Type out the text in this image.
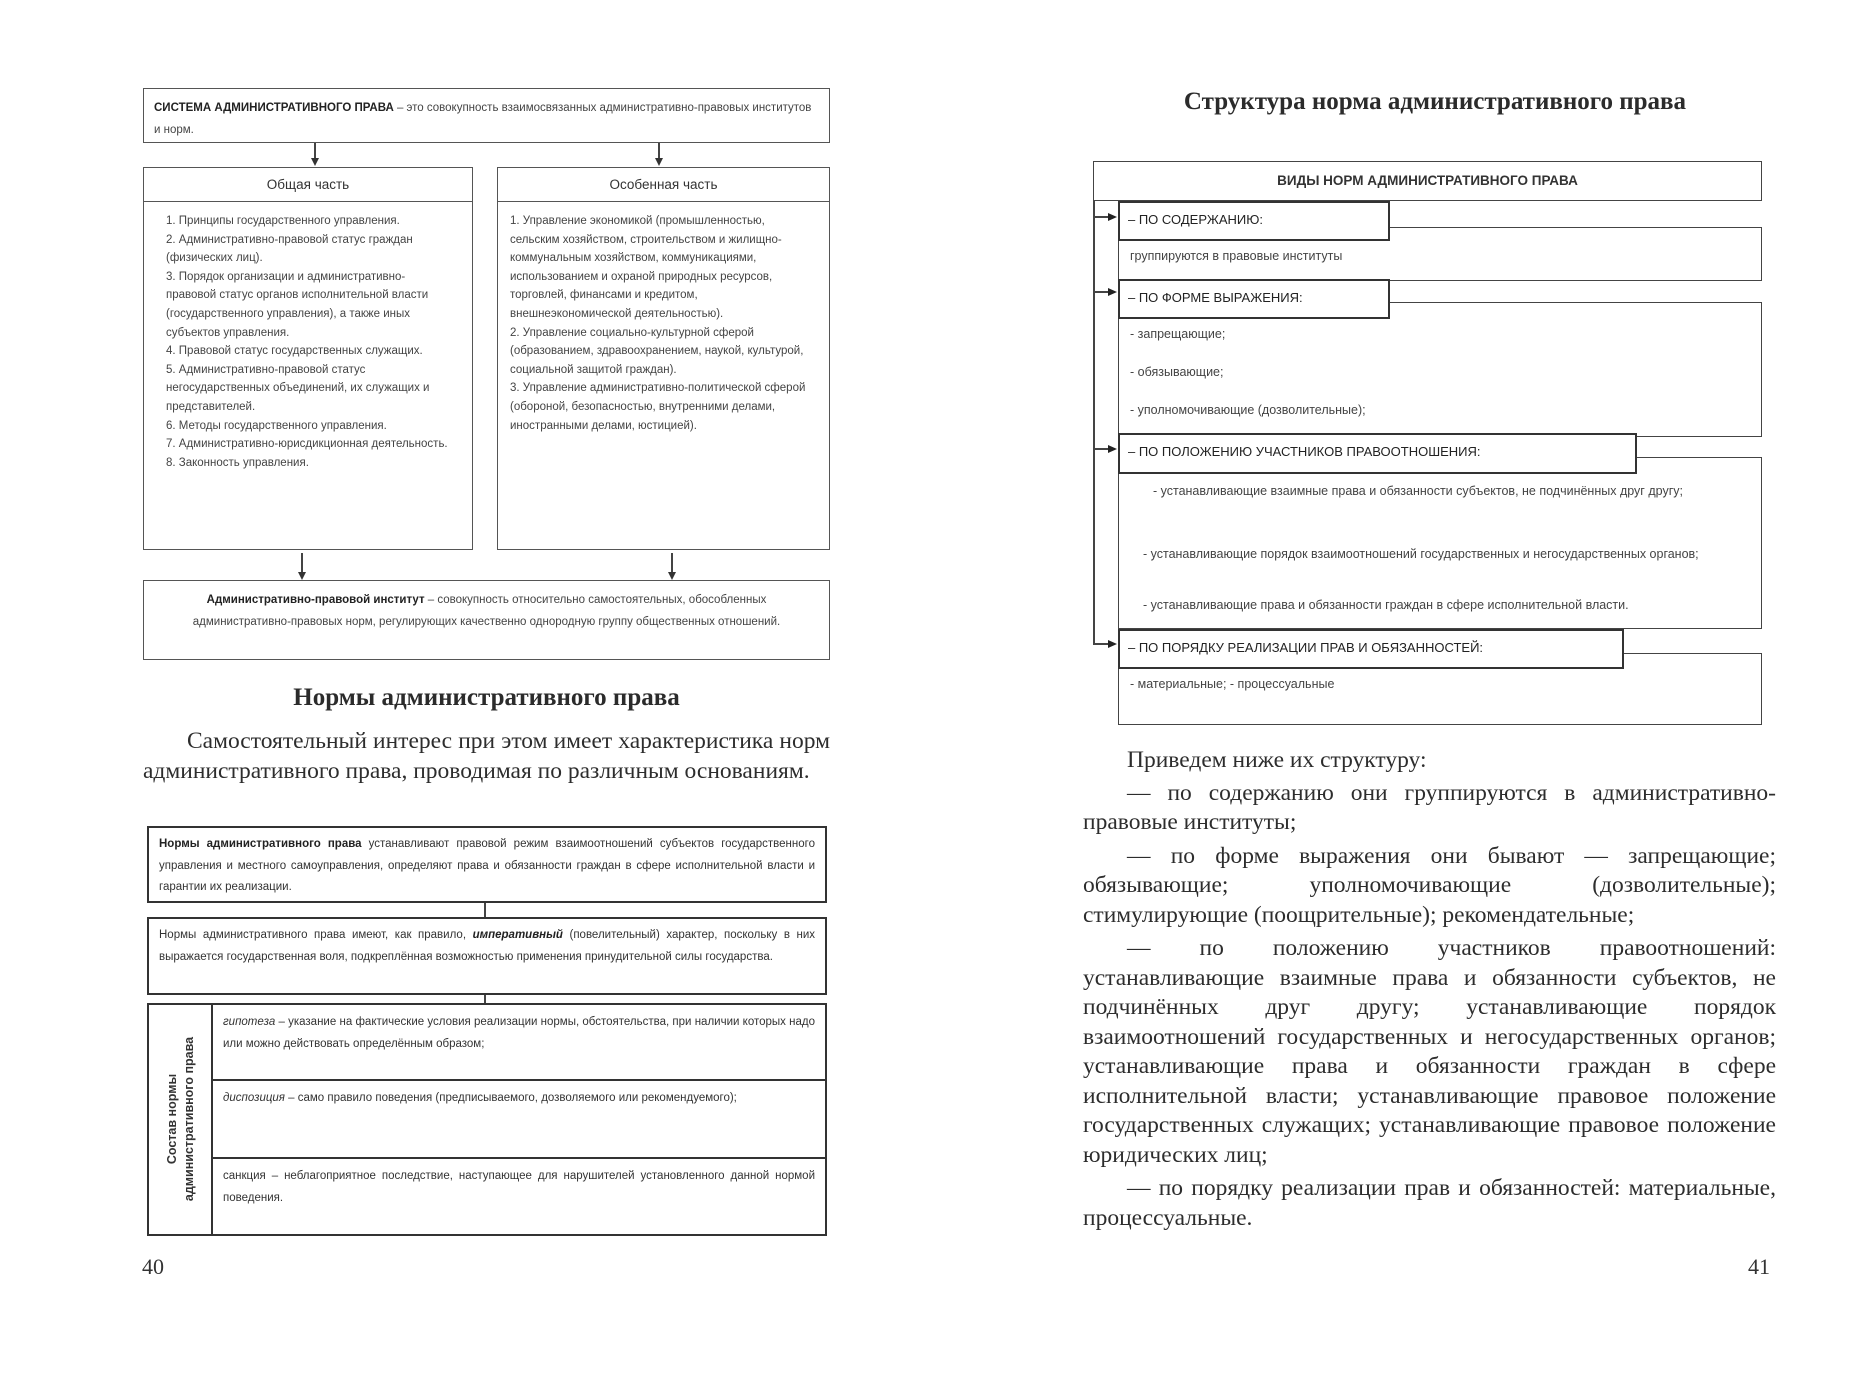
СИСТЕМА АДМИНИСТРАТИВНОГО ПРАВА – это совокупность взаимосвязанных административно-правовых институтов и норм.
Общая часть
1. Принципы государственного управления.
2. Административно-правовой статус граждан (физических лиц).
3. Порядок организации и административно-правовой статус органов исполнительной власти (государственного управления), а также иных субъектов управления.
4. Правовой статус государственных служащих.
5. Административно-правовой статус негосударственных объединений, их служащих и представителей.
6. Методы государственного управления.
7. Административно-юрисдикционная деятельность.
8. Законность управления.
Особенная часть
1. Управление экономикой (промышленностью, сельским хозяйством, строительством и жилищно-коммунальным хозяйством, коммуникациями, использованием и охраной природных ресурсов, торговлей, финансами и кредитом, внешнеэкономической деятельностью).
2. Управление социально-культурной сферой (образованием, здравоохранением, наукой, культурой, социальной защитой граждан).
3. Управление административно-политической сферой (обороной, безопасностью, внутренними делами, иностранными делами, юстицией).
Административно-правовой институт – совокупность относительно самостоятельных, обособленных административно-правовых норм, регулирующих качественно однородную группу общественных отношений.
Нормы административного права
Самостоятельный интерес при этом имеет характеристика норм административного права, проводимая по различным основаниям.
Нормы административного права устанавливают правовой режим взаимоотношений субъектов государственного управления и местного самоуправления, определяют права и обязанности граждан в сфере исполнительной власти и гарантии их реализации.
Нормы административного права имеют, как правило, императивный (повелительный) характер, поскольку в них выражается государственная воля, подкреплённая возможностью применения принудительной силы государства.
Состав нормы административного права
гипотеза – указание на фактические условия реализации нормы, обстоятельства, при наличии которых надо или можно действовать определённым образом;
диспозиция – само правило поведения (предписываемого, дозволяемого или рекомендуемого);
санкция – неблагоприятное последствие, наступающее для нарушителей установленного данной нормой поведения.
40
Структура норма административного права
ВИДЫ НОРМ АДМИНИСТРАТИВНОГО ПРАВА
– ПО СОДЕРЖАНИЮ:
группируются в правовые институты
– ПО ФОРМЕ ВЫРАЖЕНИЯ:
- запрещающие;
- обязывающие;
- уполномочивающие (дозволительные);
– ПО ПОЛОЖЕНИЮ УЧАСТНИКОВ ПРАВООТНОШЕНИЯ:
- устанавливающие взаимные права и обязанности субъектов, не подчинённых друг другу;
- устанавливающие порядок взаимоотношений государственных и негосударственных органов;
- устанавливающие права и обязанности граждан в сфере исполнительной власти.
– ПО ПОРЯДКУ РЕАЛИЗАЦИИ ПРАВ И ОБЯЗАННОСТЕЙ:
- материальные; - процессуальные

Приведем ниже их структуру:

— по содержанию они группируются в административно-правовые институты;

— по форме выражения они бывают — запрещающие; обязывающие; уполномочивающие (дозволительные); стимулирующие (поощрительные); рекомендательные;

— по положению участников правоотношений: устанавливающие взаимные права и обязанности субъектов, не подчинённых друг другу; устанавливающие порядок взаимоотношений государственных и негосударственных органов; устанавливающие права и обязанности граждан в сфере исполнительной власти; устанавливающие правовое положение государственных служащих; устанавливающие правовое положение юридических лиц;

— по порядку реализации прав и обязанностей: материальные, процессуальные.

41
